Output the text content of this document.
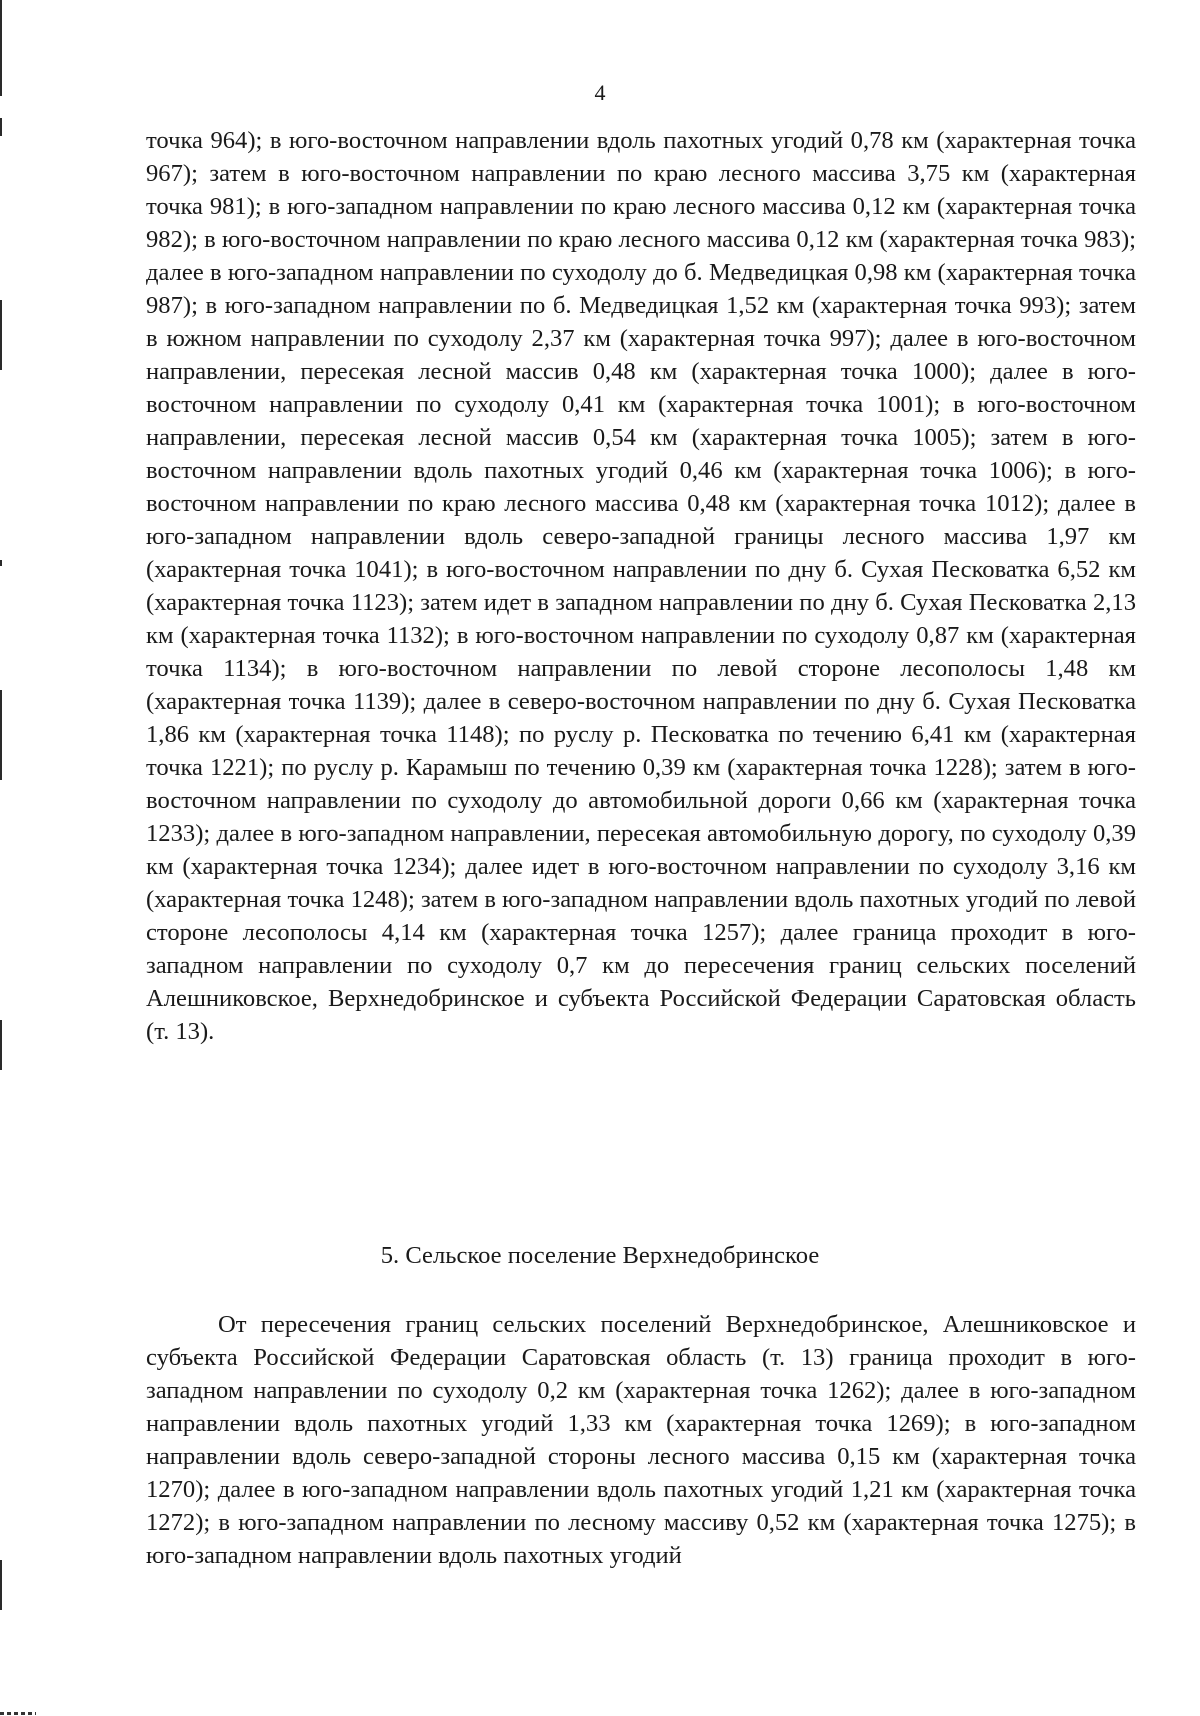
4

точка 964); в юго-восточном направлении вдоль пахотных угодий 0,78 км (характерная точка 967); затем в юго-восточном направлении по краю лесного массива 3,75 км (характерная точка 981); в юго-западном направлении по краю лесного массива 0,12 км (характерная точка 982); в юго-восточном направлении по краю лесного массива 0,12 км (характерная точка 983); далее в юго-западном направлении по суходолу до б. Медведицкая 0,98 км (характерная точка 987); в юго-западном направлении по б. Медведицкая 1,52 км (характерная точка 993); затем в южном направлении по суходолу 2,37 км (характерная точка 997); далее в юго-восточном направлении, пересекая лесной массив 0,48 км (характерная точка 1000); далее в юго-восточном направлении по суходолу 0,41 км (характерная точка 1001); в юго-восточном направлении, пересекая лесной массив 0,54 км (характерная точка 1005); затем в юго-восточном направлении вдоль пахотных угодий 0,46 км (характерная точка 1006); в юго-восточном направлении по краю лесного массива 0,48 км (характерная точка 1012); далее в юго-западном направлении вдоль северо-западной границы лесного массива 1,97 км (характерная точка 1041); в юго-восточном направлении по дну б. Сухая Песковатка 6,52 км (характерная точка 1123); затем идет в западном направлении по дну б. Сухая Песковатка 2,13 км (характерная точка 1132); в юго-восточном направлении по суходолу 0,87 км (характерная точка 1134); в юго-восточном направлении по левой стороне лесополосы 1,48 км (характерная точка 1139); далее в северо-восточном направлении по дну б. Сухая Песковатка 1,86 км (характерная точка 1148); по руслу р. Песковатка по течению 6,41 км (характерная точка 1221); по руслу р. Карамыш по течению 0,39 км (характерная точка 1228); затем в юго-восточном направлении по суходолу до автомобильной дороги 0,66 км (характерная точка 1233); далее в юго-западном направлении, пересекая автомобильную дорогу, по суходолу 0,39 км (характерная точка 1234); далее идет в юго-восточном направлении по суходолу 3,16 км (характерная точка 1248); затем в юго-западном направлении вдоль пахотных угодий по левой стороне лесополосы 4,14 км (характерная точка 1257); далее граница проходит в юго-западном направлении по суходолу 0,7 км до пересечения границ сельских поселений Алешниковское, Верхнедобринское и субъекта Российской Федерации Саратовская область (т. 13).

5. Сельское поселение Верхнедобринское

От пересечения границ сельских поселений Верхнедобринское, Алешниковское и субъекта Российской Федерации Саратовская область (т. 13) граница проходит в юго-западном направлении по суходолу 0,2 км (характерная точка 1262); далее в юго-западном направлении вдоль пахотных угодий 1,33 км (характерная точка 1269); в юго-западном направлении вдоль северо-западной стороны лесного массива 0,15 км (характерная точка 1270); далее в юго-западном направлении вдоль пахотных угодий 1,21 км (характерная точка 1272); в юго-западном направлении по лесному массиву 0,52 км (характерная точка 1275); в юго-западном направлении вдоль пахотных угодий
